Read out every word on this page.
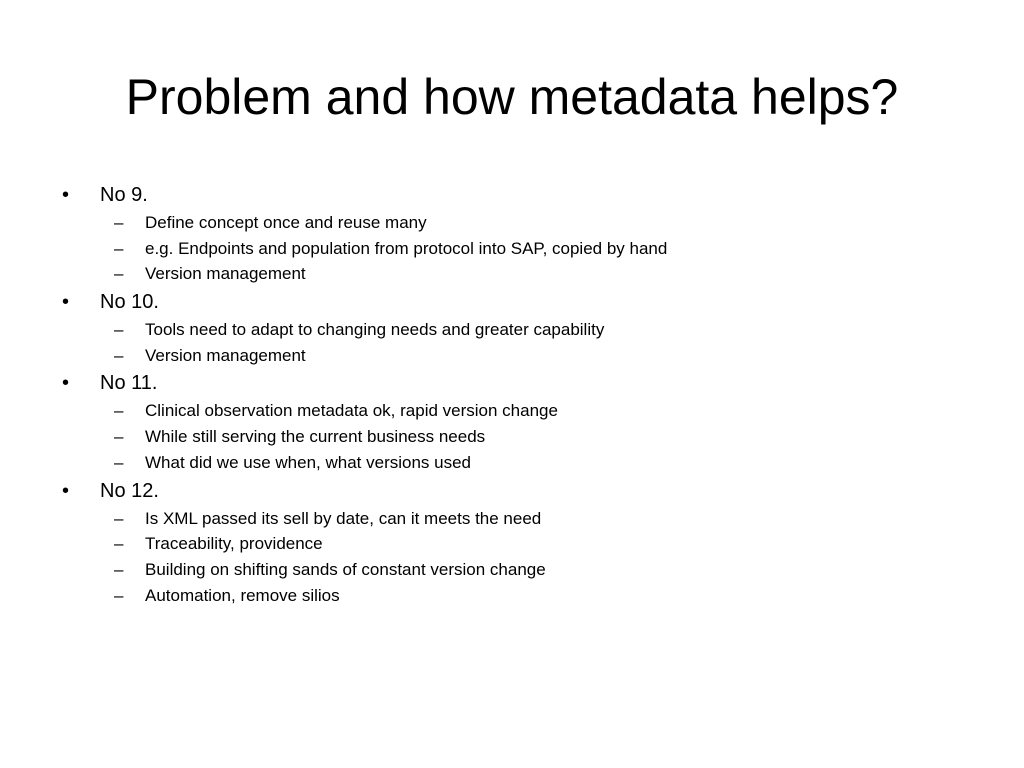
Problem and how metadata helps?
•	No 9.
–	Define concept once and reuse many
–	e.g. Endpoints and population from protocol into SAP, copied by hand
–	Version management
•	No 10.
–	Tools need to adapt to changing needs and greater capability
–	Version management
•	No 11.
–	Clinical observation metadata ok, rapid version change
–	While still serving the current business needs
–	What did we use when, what versions used
•	No 12.
–	Is XML passed its sell by date, can it meets the need
–	Traceability, providence
–	Building on shifting sands of constant version change
–	Automation, remove silios
